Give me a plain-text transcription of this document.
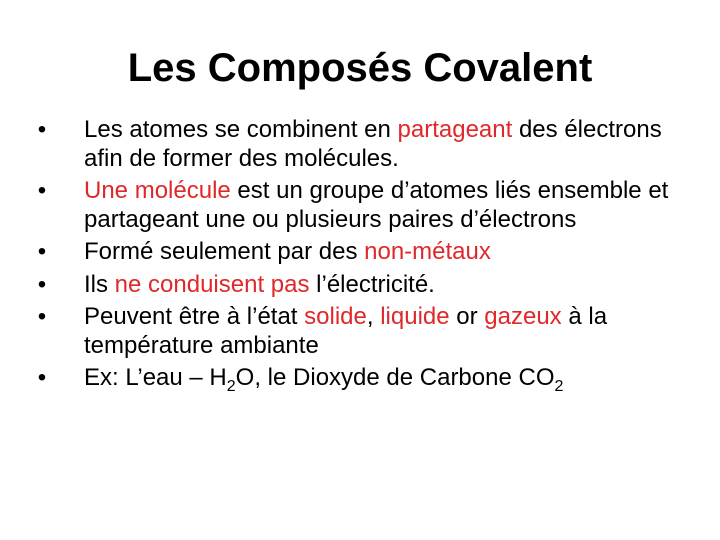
Les Composés Covalent
• Les atomes se combinent en partageant des électrons afin de former des molécules.
• Une molécule est un groupe d’atomes liés ensemble et partageant une ou plusieurs paires d’électrons
• Formé seulement par des non-métaux
• Ils ne conduisent pas l’électricité.
• Peuvent être à l’état solide, liquide or gazeux à la température ambiante
• Ex: L’eau – $H_2O$, le Dioxyde de Carbone $CO_2$
